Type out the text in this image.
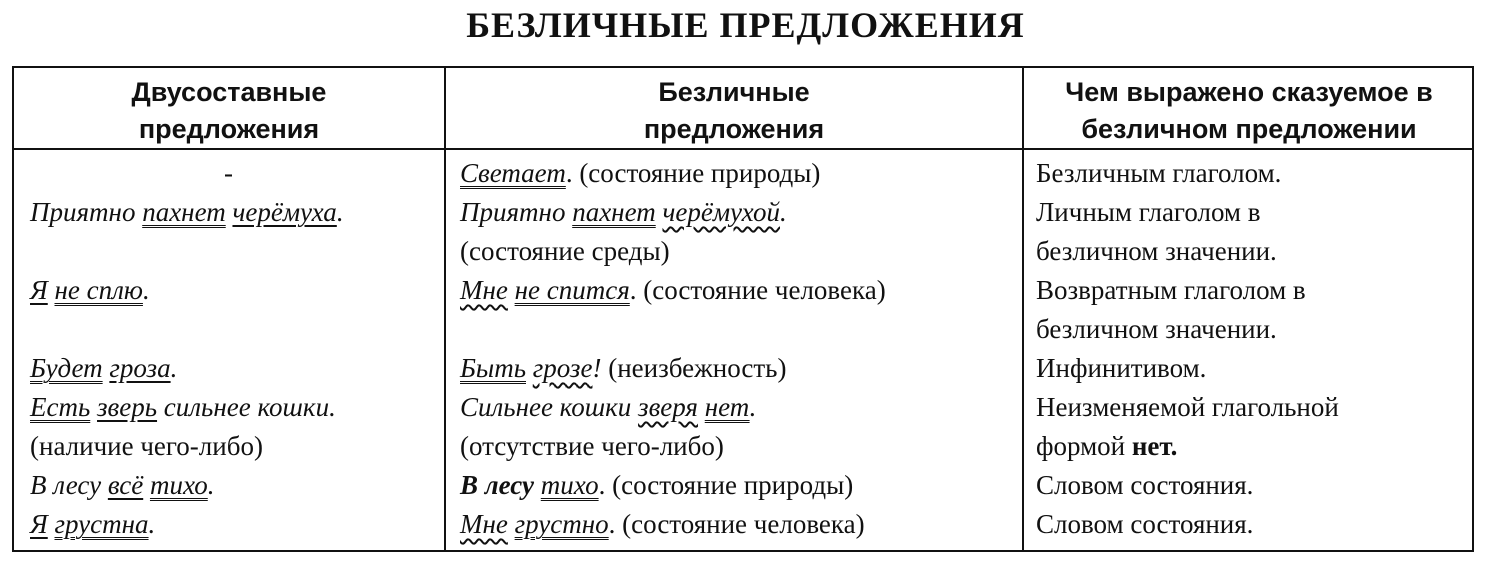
БЕЗЛИЧНЫЕ ПРЕДЛОЖЕНИЯ
Двусоставные
предложения
Безличные
предложения
Чем выражено сказуемое в
безличном предложении
-
Приятно пахнет черёмуха.
Я не сплю.
Будет гроза.
Есть зверь сильнее кошки.
(наличие чего-либо)
В лесу всё тихо.
Я грустна.
Светает. (состояние природы)
Приятно пахнет черёмухой.
(состояние среды)
Мне не спится. (состояние человека)
Быть грозе! (неизбежность)
Сильнее кошки зверя нет.
(отсутствие чего-либо)
В лесу тихо. (состояние природы)
Мне грустно. (состояние человека)
Безличным глаголом.
Личным глаголом в
безличном значении.
Возвратным глаголом в
безличном значении.
Инфинитивом.
Неизменяемой глагольной
формой нет.
Словом состояния.
Словом состояния.
